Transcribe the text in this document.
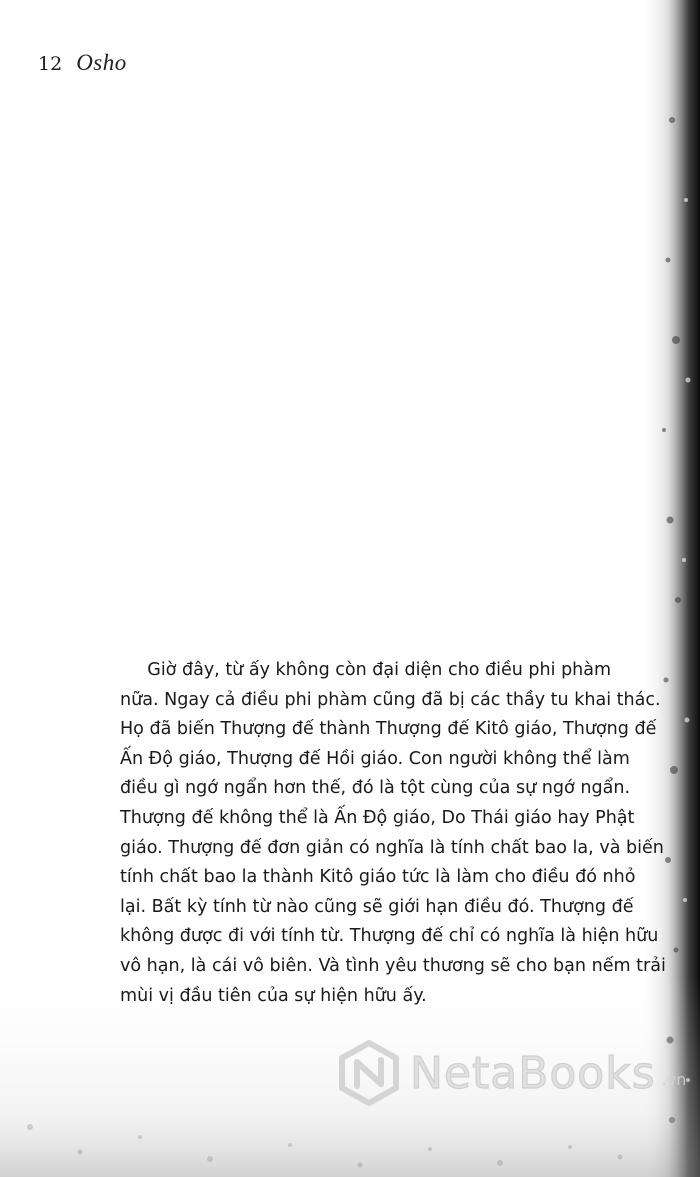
12 Osho
Giờ đây, từ ấy không còn đại diện cho điều phi phàm
nữa. Ngay cả điều phi phàm cũng đã bị các thầy tu khai thác.
Họ đã biến Thượng đế thành Thượng đế Kitô giáo, Thượng đế
Ấn Độ giáo, Thượng đế Hồi giáo. Con người không thể làm
điều gì ngớ ngẩn hơn thế, đó là tột cùng của sự ngớ ngẩn.
Thượng đế không thể là Ấn Độ giáo, Do Thái giáo hay Phật
giáo. Thượng đế đơn giản có nghĩa là tính chất bao la, và biến
tính chất bao la thành Kitô giáo tức là làm cho điều đó nhỏ
lại. Bất kỳ tính từ nào cũng sẽ giới hạn điều đó. Thượng đế
không được đi với tính từ. Thượng đế chỉ có nghĩa là hiện hữu
vô hạn, là cái vô biên. Và tình yêu thương sẽ cho bạn nếm trải
mùi vị đầu tiên của sự hiện hữu ấy.
NetaBooks .vn
